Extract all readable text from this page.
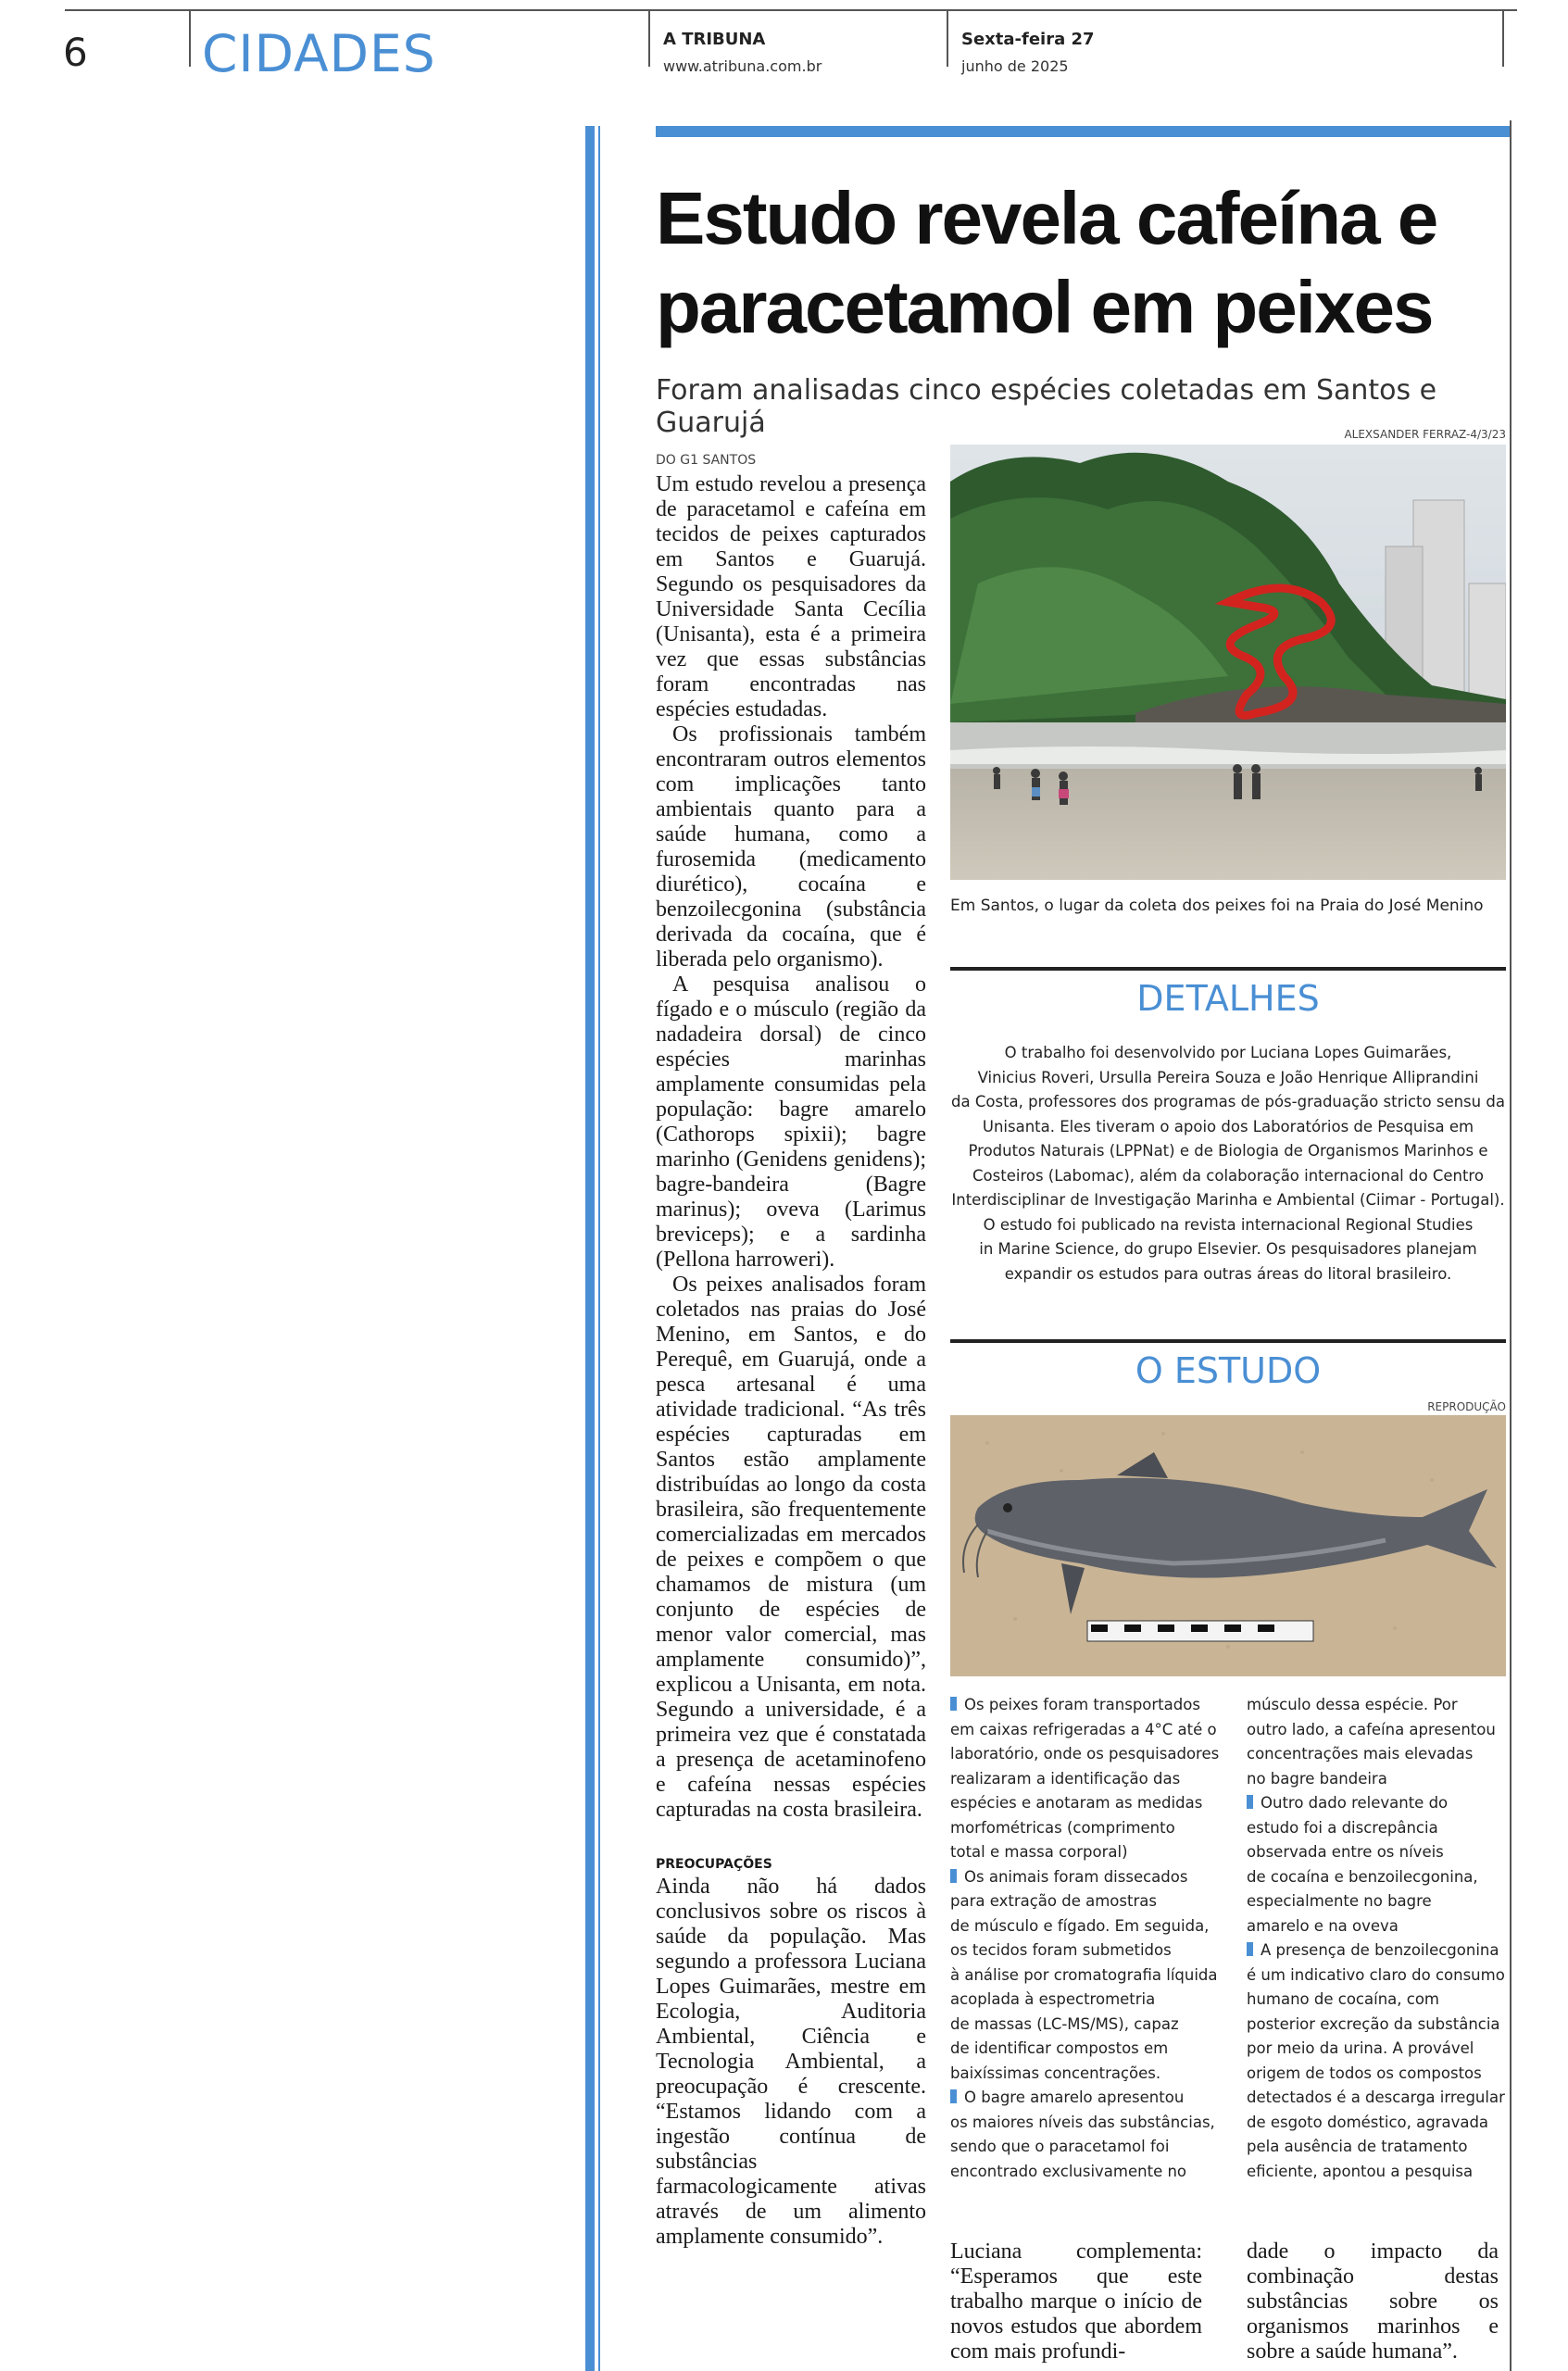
6 CIDADES	A TRIBUNA
www.atribuna.com.br
Sexta-feira 27
junho de 2025
Estudo revela cafeína e paracetamol em peixes
Foram analisadas cinco espécies coletadas em Santos e Guarujá
DO G1 SANTOS

Um estudo revelou a presença de paracetamol e cafeína em tecidos de peixes capturados em Santos e Guarujá. Segundo os pesquisadores da Universidade Santa Cecília (Unisanta), esta é a primeira vez que essas substâncias foram encontradas nas espécies estudadas.

Os profissionais também encontraram outros elementos com implicações tanto ambientais quanto para a saúde humana, como a furosemida (medicamento diurético), cocaína e benzoilecgonina (substância derivada da cocaína, que é liberada pelo organismo).

A pesquisa analisou o fígado e o músculo (região da nadadeira dorsal) de cinco espécies marinhas amplamente consumidas pela população: bagre amarelo (Cathorops spixii); bagre marinho (Genidens genidens); bagre-bandeira (Bagre marinus); oveva (Larimus breviceps); e a sardinha (Pellona harroweri).

Os peixes analisados foram coletados nas praias do José Menino, em Santos, e do Perequê, em Guarujá, onde a pesca artesanal é uma atividade tradicional. “As três espécies capturadas em Santos estão amplamente distribuídas ao longo da costa brasileira, são frequentemente comercializadas em mercados de peixes e compõem o que chamamos de mistura (um conjunto de espécies de menor valor comercial, mas amplamente consumido)”, explicou a Unisanta, em nota. Segundo a universidade, é a primeira vez que é constatada a presença de acetaminofeno e cafeína nessas espécies capturadas na costa brasileira.

PREOCUPAÇÕES

Ainda não há dados conclusivos sobre os riscos à saúde da população. Mas segundo a professora Luciana Lopes Guimarães, mestre em Ecologia, Auditoria Ambiental, Ciência e Tecnologia Ambiental, a preocupação é crescente. “Estamos lidando com a ingestão contínua de substâncias farmacologicamente ativas através de um alimento amplamente consumido”.

ALEXSANDER FERRAZ-4/3/23
Em Santos, o lugar da coleta dos peixes foi na Praia do José Menino
DETALHES
O trabalho foi desenvolvido por Luciana Lopes Guimarães,
Vinicius Roveri, Ursulla Pereira Souza e João Henrique Alliprandini
da Costa, professores dos programas de pós-graduação stricto sensu da
Unisanta. Eles tiveram o apoio dos Laboratórios de Pesquisa em
Produtos Naturais (LPPNat) e de Biologia de Organismos Marinhos e
Costeiros (Labomac), além da colaboração internacional do Centro
Interdisciplinar de Investigação Marinha e Ambiental (Ciimar - Portugal).
O estudo foi publicado na revista internacional Regional Studies
in Marine Science, do grupo Elsevier. Os pesquisadores planejam
expandir os estudos para outras áreas do litoral brasileiro.
O ESTUDO
REPRODUÇÃO

Os peixes foram transportados

em caixas refrigeradas a 4°C até o

laboratório, onde os pesquisadores

realizaram a identificação das

espécies e anotaram as medidas

morfométricas (comprimento

total e massa corporal)

Os animais foram dissecados

para extração de amostras

de músculo e fígado. Em seguida,

os tecidos foram submetidos

à análise por cromatografia líquida

acoplada à espectrometria

de massas (LC-MS/MS), capaz

de identificar compostos em

baixíssimas concentrações.

O bagre amarelo apresentou

os maiores níveis das substâncias,

sendo que o paracetamol foi

encontrado exclusivamente no

músculo dessa espécie. Por

outro lado, a cafeína apresentou

concentrações mais elevadas

no bagre bandeira

Outro dado relevante do

estudo foi a discrepância

observada entre os níveis

de cocaína e benzoilecgonina,

especialmente no bagre

amarelo e na oveva

A presença de benzoilecgonina

é um indicativo claro do consumo

humano de cocaína, com

posterior excreção da substância

por meio da urina. A provável

origem de todos os compostos

detectados é a descarga irregular

de esgoto doméstico, agravada

pela ausência de tratamento

eficiente, apontou a pesquisa

Luciana complementa: “Esperamos que este trabalho marque o início de novos estudos que abordem com mais profundi-
dade o impacto da combinação destas substâncias sobre os organismos marinhos e sobre a saúde humana”.
